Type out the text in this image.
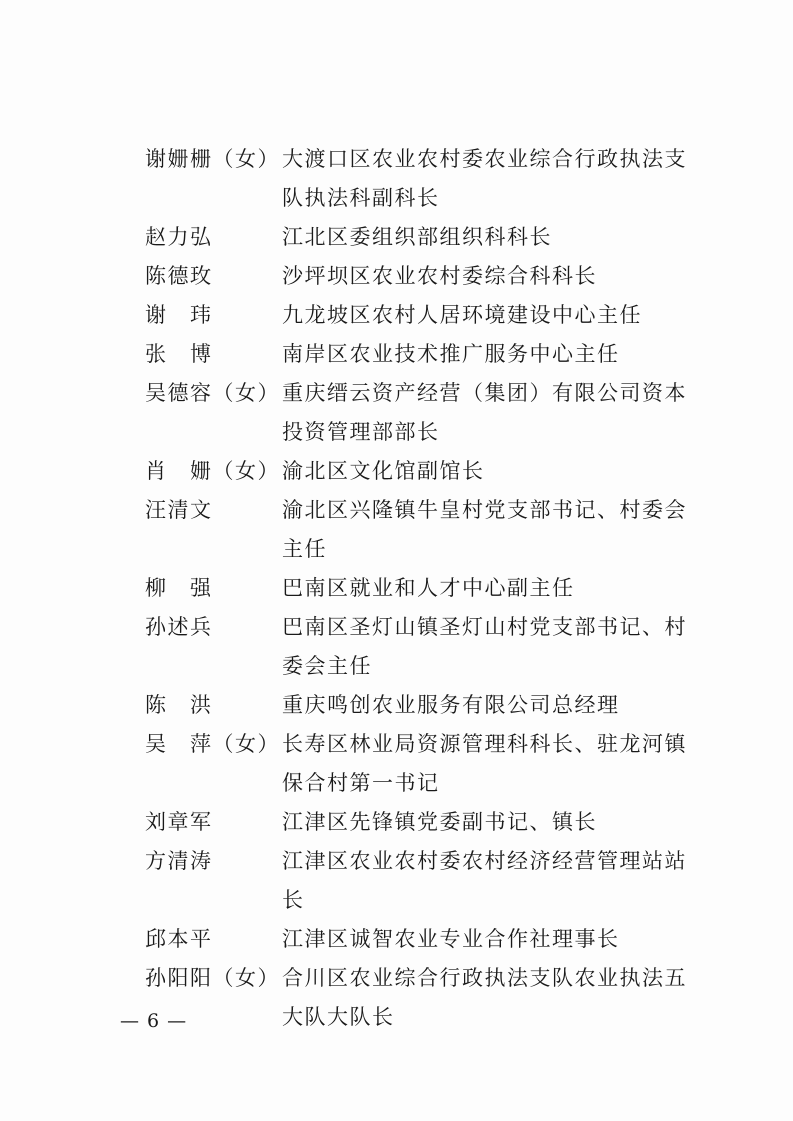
谢姗栅（女） 大渡口区农业农村委农业综合行政执法支队执法科副科长
赵力弘	江北区委组织部组织科科长
陈德玫	沙坪坝区农业农村委综合科科长
谢　玮	九龙坡区农村人居环境建设中心主任
张　博	南岸区农业技术推广服务中心主任
吴德容（女） 重庆缙云资产经营（集团）有限公司资本投资管理部部长
肖　姗（女） 渝北区文化馆副馆长
汪清文	渝北区兴隆镇牛皇村党支部书记、村委会主任
柳　强	巴南区就业和人才中心副主任
孙述兵	巴南区圣灯山镇圣灯山村党支部书记、村委会主任
陈　洪	重庆鸣创农业服务有限公司总经理
吴　萍（女） 长寿区林业局资源管理科科长、驻龙河镇保合村第一书记
刘章军	江津区先锋镇党委副书记、镇长
方清涛	江津区农业农村委农村经济经营管理站站长
邱本平	江津区诚智农业专业合作社理事长
孙阳阳（女） 合川区农业综合行政执法支队农业执法五大队大队长
— 6 —
